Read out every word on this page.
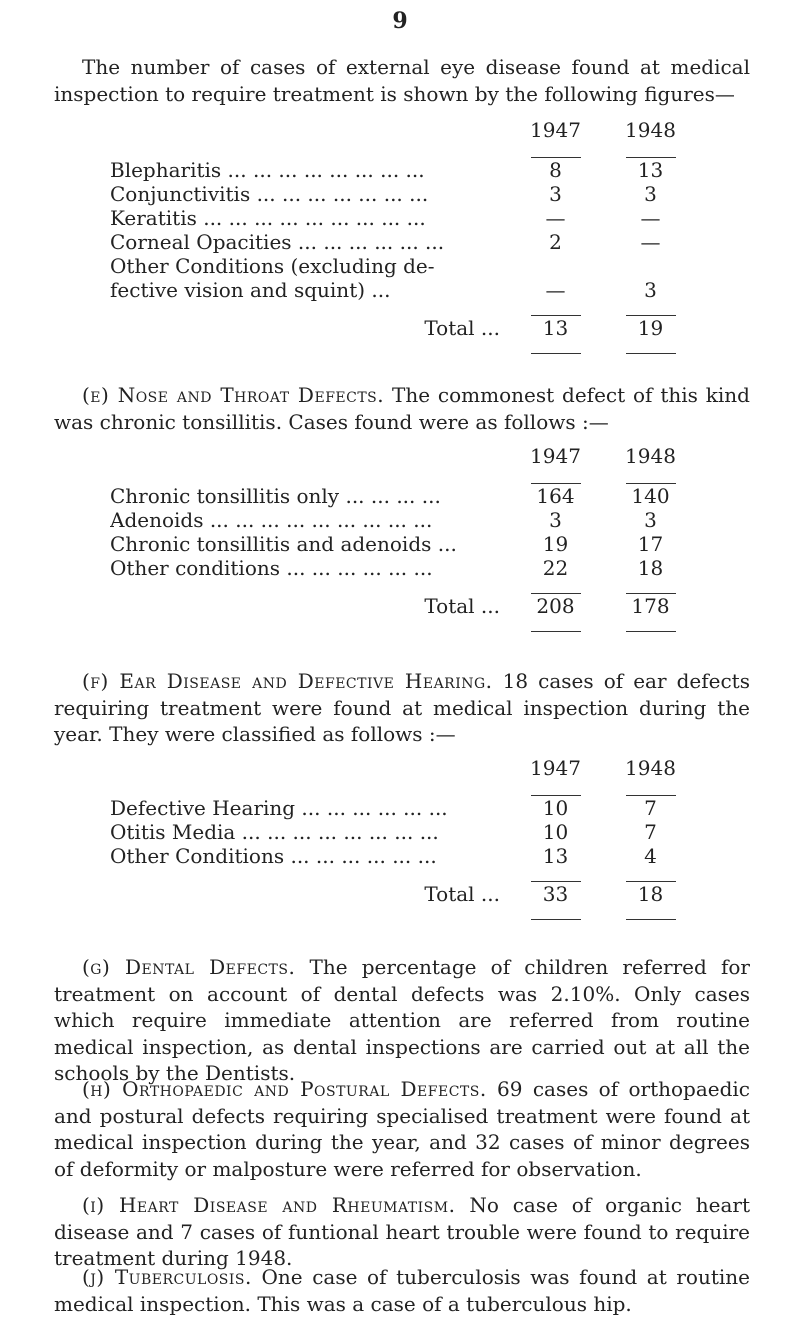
9

The number of cases of external eye disease found at medical inspection to require treatment is shown by the following figures—

	1947	1948

Blepharitis ... ... ... ... ... ... ... ...	8	13
Conjunctivitis ... ... ... ... ... ... ...	3	3
Keratitis ... ... ... ... ... ... ... ... ...	—	—
Corneal Opacities ... ... ... ... ... ...	2	—
Other Conditions (excluding de-		
fective vision and squint) ...	—	3

Total ...	13	19

(e) Nose and Throat Defects. The commonest defect of this kind was chronic tonsillitis. Cases found were as follows :—

	1947	1948

Chronic tonsillitis only ... ... ... ...	164	140
Adenoids ... ... ... ... ... ... ... ... ...	3	3
Chronic tonsillitis and adenoids ...	19	17
Other conditions ... ... ... ... ... ...	22	18

Total ...	208	178

(f) Ear Disease and Defective Hearing. 18 cases of ear defects requiring treatment were found at medical inspection during the year. They were classified as follows :—

	1947	1948

Defective Hearing ... ... ... ... ... ...	10	7
Otitis Media ... ... ... ... ... ... ... ...	10	7
Other Conditions ... ... ... ... ... ...	13	4

Total ...	33	18

(g) Dental Defects. The percentage of children referred for treatment on account of dental defects was 2.10%. Only cases which require immediate attention are referred from routine medical inspection, as dental inspections are carried out at all the schools by the Dentists.

(h) Orthopaedic and Postural Defects. 69 cases of orthopaedic and postural defects requiring specialised treatment were found at medical inspection during the year, and 32 cases of minor degrees of deformity or malposture were referred for observation.

(i) Heart Disease and Rheumatism. No case of organic heart disease and 7 cases of funtional heart trouble were found to require treatment during 1948.

(j) Tuberculosis. One case of tuberculosis was found at routine medical inspection. This was a case of a tuberculous hip.
